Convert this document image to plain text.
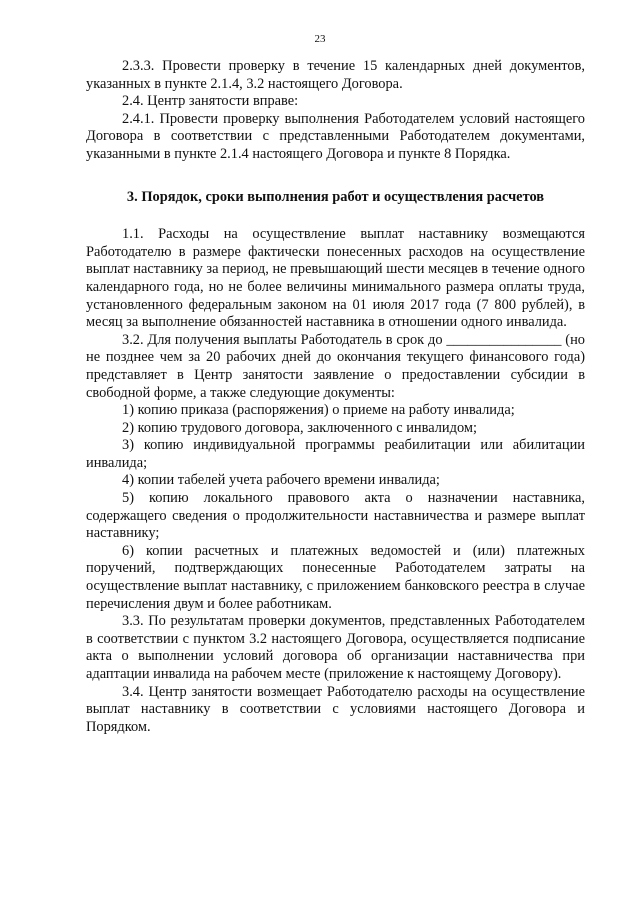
23

2.3.3. Провести проверку в течение 15 календарных дней документов, указанных в пункте 2.1.4, 3.2 настоящего Договора.

2.4. Центр занятости вправе:

2.4.1. Провести проверку выполнения Работодателем условий настоящего Договора в соответствии с представленными Работодателем документами, указанными в пункте 2.1.4 настоящего Договора и пункте 8 Порядка.

3. Порядок, сроки выполнения работ и осуществления расчетов

1.1. Расходы на осуществление выплат наставнику возмещаются Работодателю в размере фактически понесенных расходов на осуществление выплат наставнику за период, не превышающий шести месяцев в течение одного календарного года, но не более величины минимального размера оплаты труда, установленного федеральным законом на 01 июля 2017 года (7 800 рублей), в месяц за выполнение обязанностей наставника в отношении одного инвалида.

3.2. Для получения выплаты Работодатель в срок до ________________ (но не позднее чем за 20 рабочих дней до окончания текущего финансового года) представляет в Центр занятости заявление о предоставлении субсидии в свободной форме, а также следующие документы:

1) копию приказа (распоряжения) о приеме на работу инвалида;

2) копию трудового договора, заключенного с инвалидом;

3) копию индивидуальной программы реабилитации или абилитации инвалида;

4) копии табелей учета рабочего времени инвалида;

5) копию локального правового акта о назначении наставника, содержащего сведения о продолжительности наставничества и размере выплат наставнику;

6) копии расчетных и платежных ведомостей и (или) платежных поручений, подтверждающих понесенные Работодателем затраты на осуществление выплат наставнику, с приложением банковского реестра в случае перечисления двум и более работникам.

3.3. По результатам проверки документов, представленных Работодателем в соответствии с пунктом 3.2 настоящего Договора, осуществляется подписание акта о выполнении условий договора об организации наставничества при адаптации инвалида на рабочем месте (приложение к настоящему Договору).

3.4. Центр занятости возмещает Работодателю расходы на осуществление выплат наставнику в соответствии с условиями настоящего Договора и Порядком.
